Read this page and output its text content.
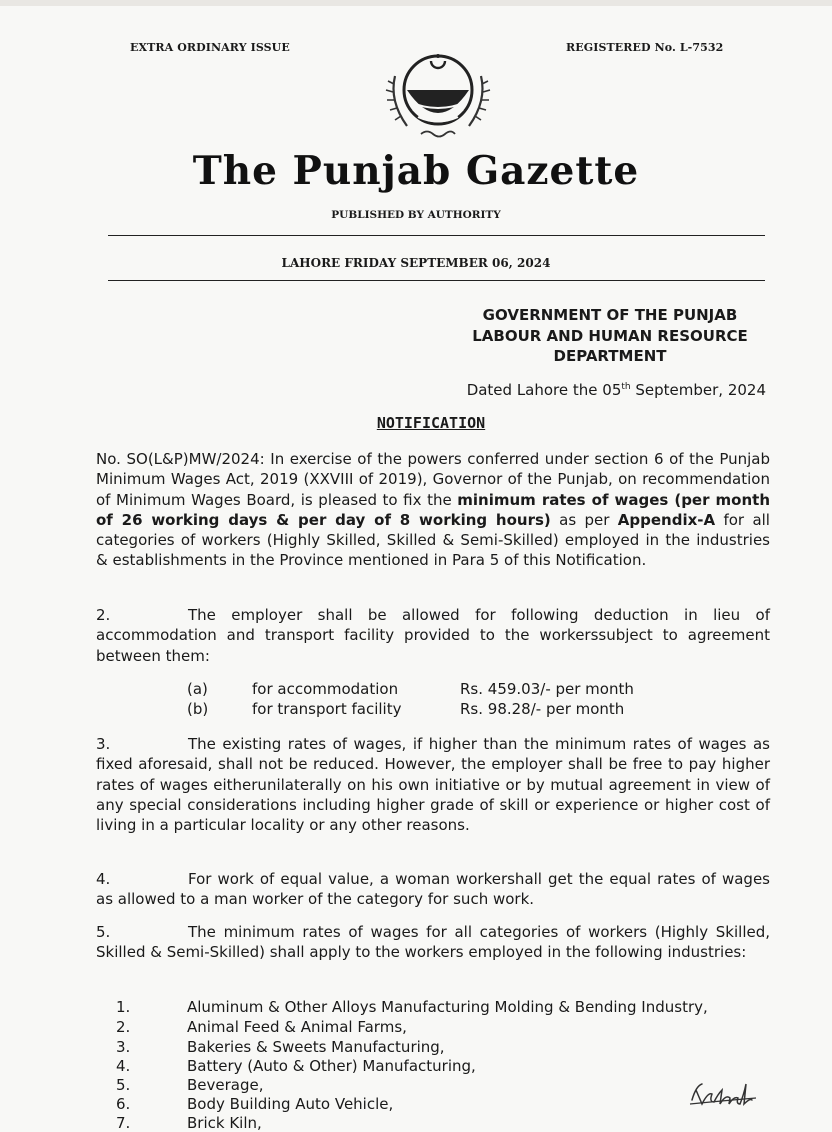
EXTRA ORDINARY ISSUE	REGISTERED No. L-7532
The Punjab Gazette
PUBLISHED BY AUTHORITY
LAHORE FRIDAY SEPTEMBER 06, 2024
GOVERNMENT OF THE PUNJAB
LABOUR AND HUMAN RESOURCE
DEPARTMENT
Dated Lahore the 05th September, 2024
NOTIFICATION
No. SO(L&P)MW/2024: In exercise of the powers conferred under section 6 of the Punjab Minimum Wages Act, 2019 (XXVIII of 2019), Governor of the Punjab, on recommendation of Minimum Wages Board, is pleased to fix the minimum rates of wages (per month of 26 working days & per day of 8 working hours) as per Appendix-A for all categories of workers (Highly Skilled, Skilled & Semi-Skilled) employed in the industries & establishments in the Province mentioned in Para 5 of this Notification.
2.	The employer shall be allowed for following deduction in lieu of accommodation and transport facility provided to the workerssubject to agreement between them:
(a)	for accommodation	Rs. 459.03/- per month
(b)	for transport facility	Rs. 98.28/- per month
3.	The existing rates of wages, if higher than the minimum rates of wages as fixed aforesaid, shall not be reduced. However, the employer shall be free to pay higher rates of wages eitherunilaterally on his own initiative or by mutual agreement in view of any special considerations including higher grade of skill or experience or higher cost of living in a particular locality or any other reasons.
4.	For work of equal value, a woman workershall get the equal rates of wages as allowed to a man worker of the category for such work.
5.	The minimum rates of wages for all categories of workers (Highly Skilled, Skilled & Semi-Skilled) shall apply to the workers employed in the following industries:
1.	Aluminum & Other Alloys Manufacturing Molding & Bending Industry,
2.	Animal Feed & Animal Farms,
3.	Bakeries & Sweets Manufacturing,
4.	Battery (Auto & Other) Manufacturing,
5.	Beverage,
6.	Body Building Auto Vehicle,
7.	Brick Kiln,
